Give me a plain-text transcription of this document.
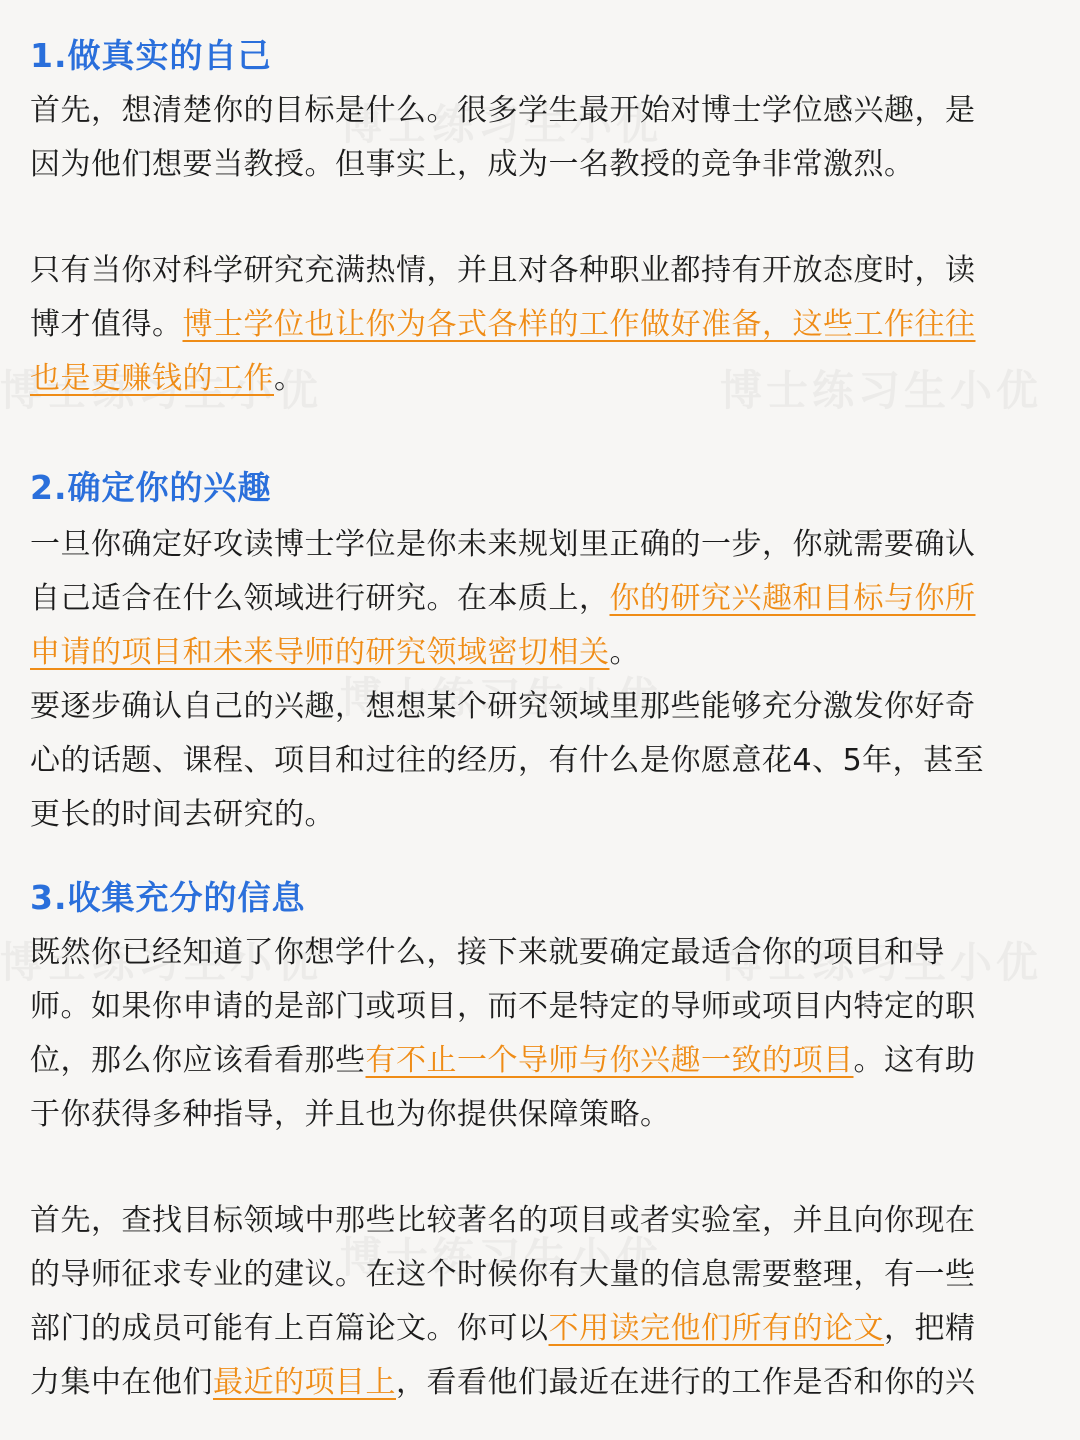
1.做真实的自己
首先，想清楚你的目标是什么。很多学生最开始对博士学位感兴趣，是
因为他们想要当教授。但事实上，成为一名教授的竞争非常激烈。
只有当你对科学研究充满热情，并且对各种职业都持有开放态度时，读
博才值得。博士学位也让你为各式各样的工作做好准备，这些工作往往
也是更赚钱的工作。
2.确定你的兴趣
一旦你确定好攻读博士学位是你未来规划里正确的一步，你就需要确认
自己适合在什么领域进行研究。在本质上，你的研究兴趣和目标与你所
申请的项目和未来导师的研究领域密切相关。
要逐步确认自己的兴趣，想想某个研究领域里那些能够充分激发你好奇
心的话题、课程、项目和过往的经历，有什么是你愿意花4、5年，甚至
更长的时间去研究的。
3.收集充分的信息
既然你已经知道了你想学什么，接下来就要确定最适合你的项目和导
师。如果你申请的是部门或项目，而不是特定的导师或项目内特定的职
位，那么你应该看看那些有不止一个导师与你兴趣一致的项目。这有助
于你获得多种指导，并且也为你提供保障策略。
首先，查找目标领域中那些比较著名的项目或者实验室，并且向你现在
的导师征求专业的建议。在这个时候你有大量的信息需要整理，有一些
部门的成员可能有上百篇论文。你可以不用读完他们所有的论文，把精
力集中在他们最近的项目上，看看他们最近在进行的工作是否和你的兴
